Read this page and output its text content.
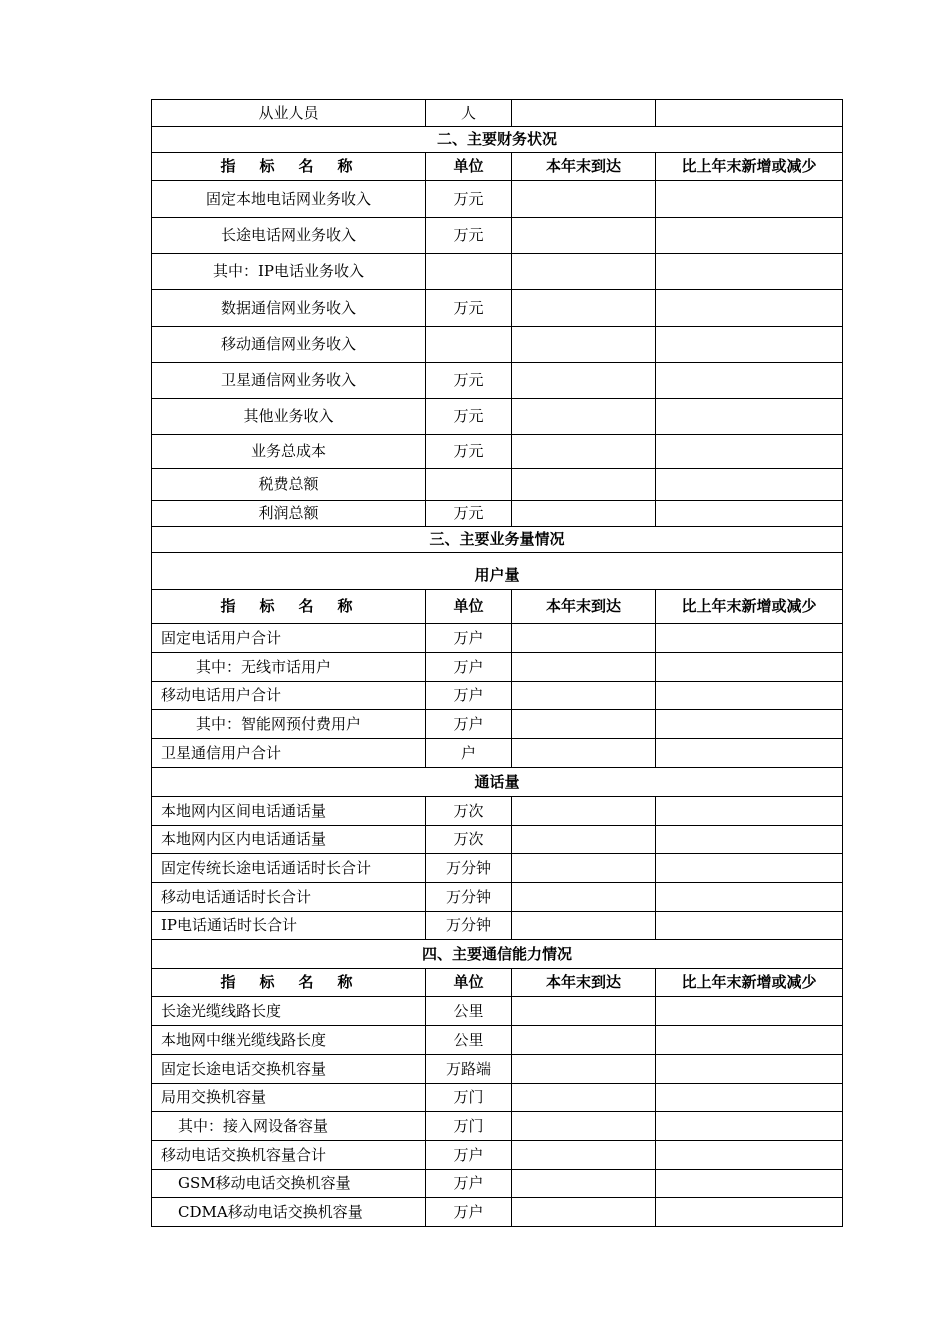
从业人员	人		
二、主要财务状况			
指标名称	单位	本年末到达	比上年末新增或减少
固定本地电话网业务收入	万元		
长途电话网业务收入	万元		
其中：IP电话业务收入			
数据通信网业务收入	万元		
移动通信网业务收入			
卫星通信网业务收入	万元		
其他业务收入	万元		
业务总成本	万元		
税费总额			
利润总额	万元		
三、主要业务量情况			
用户量			
指标名称	单位	本年末到达	比上年末新增或减少
固定电话用户合计	万户		
其中：无线市话用户	万户		
移动电话用户合计	万户		
其中：智能网预付费用户	万户		
卫星通信用户合计	户		
通话量			
本地网内区间电话通话量	万次		
本地网内区内电话通话量	万次		
固定传统长途电话通话时长合计	万分钟		
移动电话通话时长合计	万分钟		
IP电话通话时长合计	万分钟		
四、主要通信能力情况			
指标名称	单位	本年末到达	比上年末新增或减少
长途光缆线路长度	公里		
本地网中继光缆线路长度	公里		
固定长途电话交换机容量	万路端		
局用交换机容量	万门		
其中：接入网设备容量	万门		
移动电话交换机容量合计	万户		
GSM移动电话交换机容量	万户		
CDMA移动电话交换机容量	万户		
